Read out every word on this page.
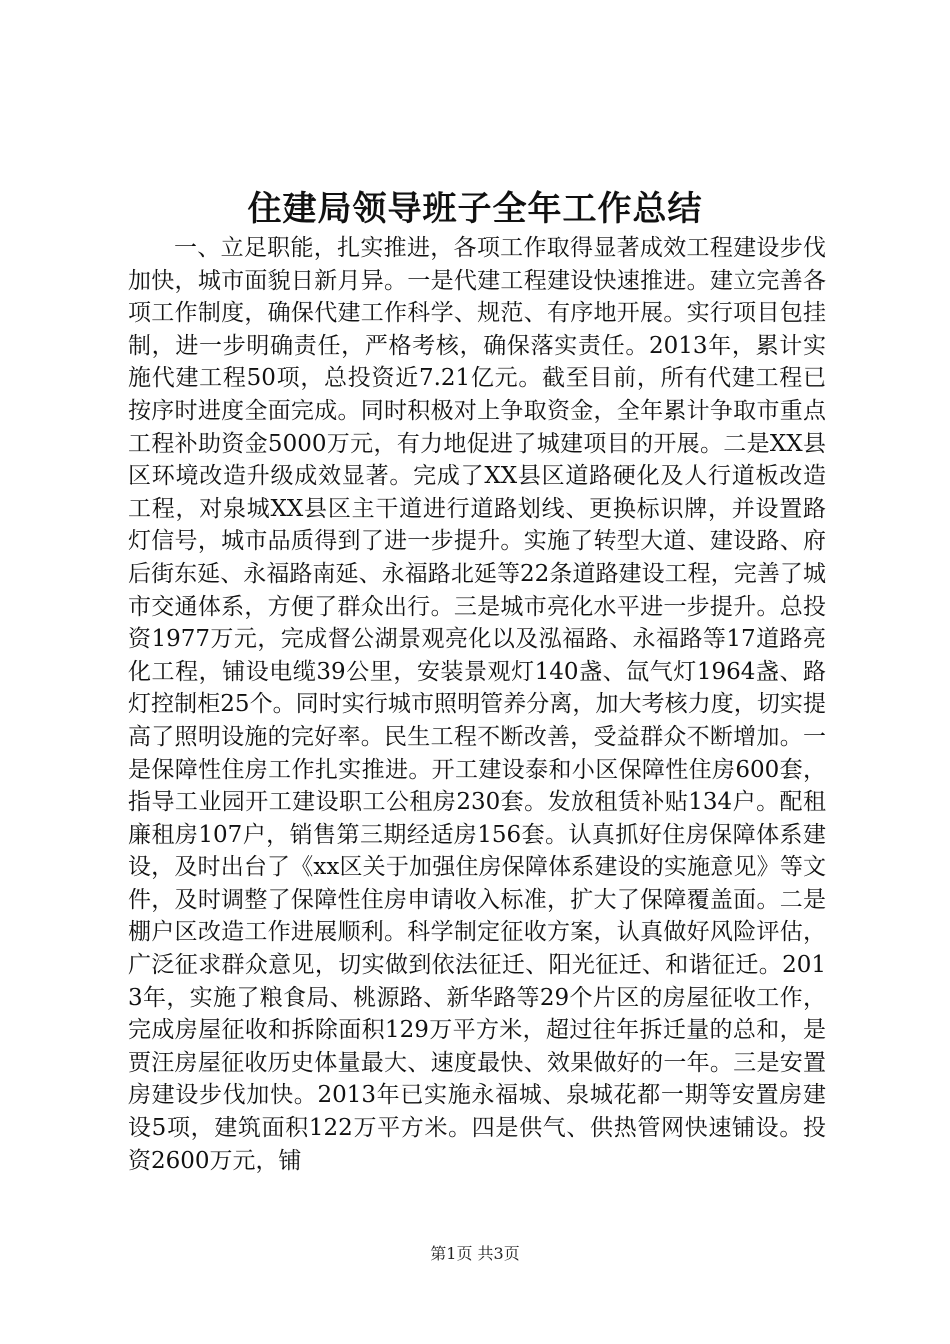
住建局领导班子全年工作总结

一、立足职能，扎实推进，各项工作取得显著成效工程建设步伐加快，城市面貌日新月异。一是代建工程建设快速推进。建立完善各项工作制度，确保代建工作科学、规范、有序地开展。实行项目包挂制，进一步明确责任，严格考核，确保落实责任。2013年，累计实施代建工程50项，总投资近7.21亿元。截至目前，所有代建工程已按序时进度全面完成。同时积极对上争取资金，全年累计争取市重点工程补助资金5000万元，有力地促进了城建项目的开展。二是XX县区环境改造升级成效显著。完成了XX县区道路硬化及人行道板改造工程，对泉城XX县区主干道进行道路划线、更换标识牌，并设置路灯信号，城市品质得到了进一步提升。实施了转型大道、建设路、府后街东延、永福路南延、永福路北延等22条道路建设工程，完善了城市交通体系，方便了群众出行。三是城市亮化水平进一步提升。总投资1977万元，完成督公湖景观亮化以及泓福路、永福路等17道路亮化工程，铺设电缆39公里，安装景观灯140盏、氙气灯1964盏、路灯控制柜25个。同时实行城市照明管养分离，加大考核力度，切实提高了照明设施的完好率。民生工程不断改善，受益群众不断增加。一是保障性住房工作扎实推进。开工建设泰和小区保障性住房600套，指导工业园开工建设职工公租房230套。发放租赁补贴134户。配租廉租房107户，销售第三期经适房156套。认真抓好住房保障体系建设，及时出台了《xx区关于加强住房保障体系建设的实施意见》等文件，及时调整了保障性住房申请收入标准，扩大了保障覆盖面。二是棚户区改造工作进展顺利。科学制定征收方案，认真做好风险评估，广泛征求群众意见，切实做到依法征迁、阳光征迁、和谐征迁。2013年，实施了粮食局、桃源路、新华路等29个片区的房屋征收工作，完成房屋征收和拆除面积129万平方米，超过往年拆迁量的总和，是贾汪房屋征收历史体量最大、速度最快、效果做好的一年。三是安置房建设步伐加快。2013年已实施永福城、泉城花都一期等安置房建设5项，建筑面积122万平方米。四是供气、供热管网快速铺设。投资2600万元，铺

第1页 共3页
